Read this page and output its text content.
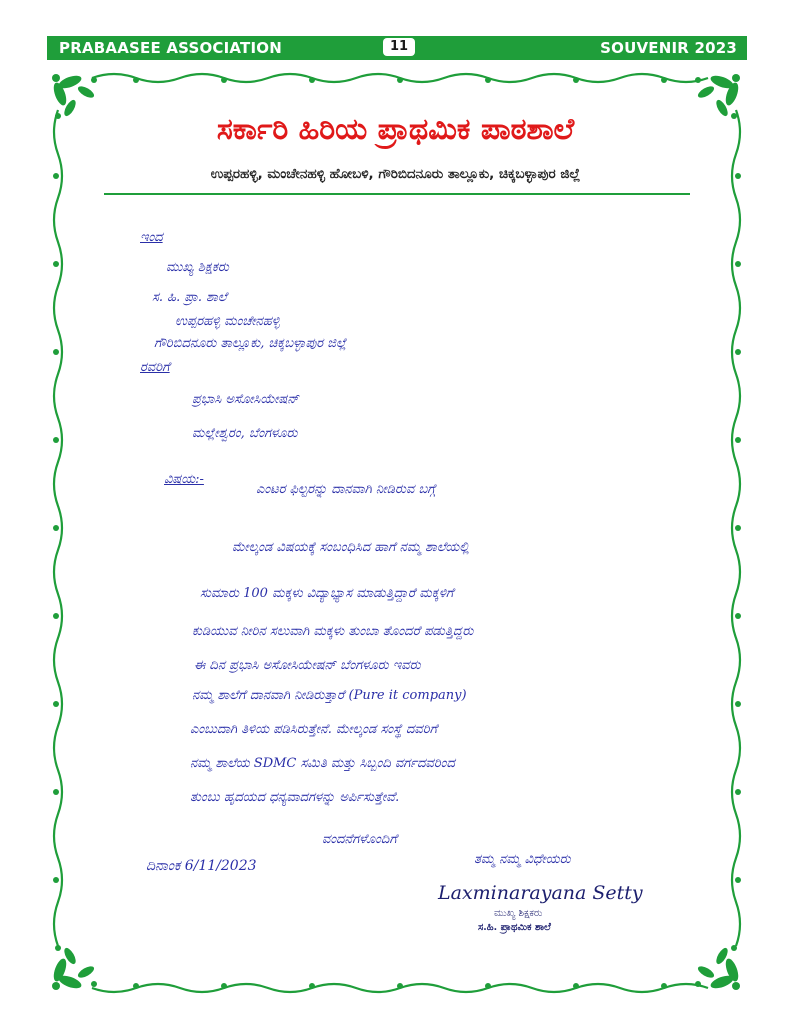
PRABAASEE ASSOCIATION	11	SOUVENIR 2023
ಸರ್ಕಾರಿ ಹಿರಿಯ ಪ್ರಾಥಮಿಕ ಪಾಠಶಾಲೆ
ಉಪ್ಪರಹಳ್ಳಿ, ಮಂಚೇನಹಳ್ಳಿ ಹೋಬಳಿ, ಗೌರಿಬಿದನೂರು ತಾಲ್ಲೂಕು, ಚಿಕ್ಕಬಳ್ಳಾಪುರ ಜಿಲ್ಲೆ
ಇಂದ
ಮುಖ್ಯ ಶಿಕ್ಷಕರು
ಸ. ಹಿ. ಪ್ರಾ. ಶಾಲೆ
ಉಪ್ಪರಹಳ್ಳಿ ಮಂಚೇನಹಳ್ಳಿ
ಗೌರಿಬಿದನೂರು ತಾಲ್ಲೂಕು, ಚಿಕ್ಕಬಳ್ಳಾಪುರ ಜಿಲ್ಲೆ
ರವರಿಗೆ
ಪ್ರಭಾಸಿ ಅಸೋಸಿಯೇಷನ್
ಮಲ್ಲೇಶ್ವರಂ, ಬೆಂಗಳೂರು
ವಿಷಯ:-
ಎಂಟರ ಫಿಲ್ಟರನ್ನು ದಾನವಾಗಿ ನೀಡಿರುವ ಬಗ್ಗೆ
ಮೇಲ್ಕಂಡ ವಿಷಯಕ್ಕೆ ಸಂಬಂಧಿಸಿದ ಹಾಗೆ ನಮ್ಮ ಶಾಲೆಯಲ್ಲಿ
ಸುಮಾರು 100 ಮಕ್ಕಳು ವಿದ್ಯಾಭ್ಯಾಸ ಮಾಡುತ್ತಿದ್ದಾರೆ ಮಕ್ಕಳಿಗೆ
ಕುಡಿಯುವ ನೀರಿನ ಸಲುವಾಗಿ ಮಕ್ಕಳು ತುಂಬಾ ತೊಂದರೆ ಪಡುತ್ತಿದ್ದರು
ಈ ದಿನ ಪ್ರಭಾಸಿ ಅಸೋಸಿಯೇಷನ್ ಬೆಂಗಳೂರು ಇವರು
ನಮ್ಮ ಶಾಲೆಗೆ ದಾನವಾಗಿ ನೀಡಿರುತ್ತಾರೆ (Pure it company)
ಎಂಬುದಾಗಿ ತಿಳಿಯ ಪಡಿಸಿರುತ್ತೇನೆ. ಮೇಲ್ಕಂಡ ಸಂಸ್ಥೆ ದವರಿಗೆ
ನಮ್ಮ ಶಾಲೆಯ SDMC ಸಮಿತಿ ಮತ್ತು ಸಿಬ್ಬಂದಿ ವರ್ಗದವರಿಂದ
ತುಂಬು ಹೃದಯದ ಧನ್ಯವಾದಗಳನ್ನು ಅರ್ಪಿಸುತ್ತೇವೆ.
ವಂದನೆಗಳೊಂದಿಗೆ
ದಿನಾಂಕ 6/11/2023	ತಮ್ಮ ನಮ್ಮ ವಿಧೇಯರು
Laxminarayana Setty
ಮುಖ್ಯ ಶಿಕ್ಷಕರು
ಸ.ಹಿ. ಪ್ರಾಥಮಿಕ ಶಾಲೆ
